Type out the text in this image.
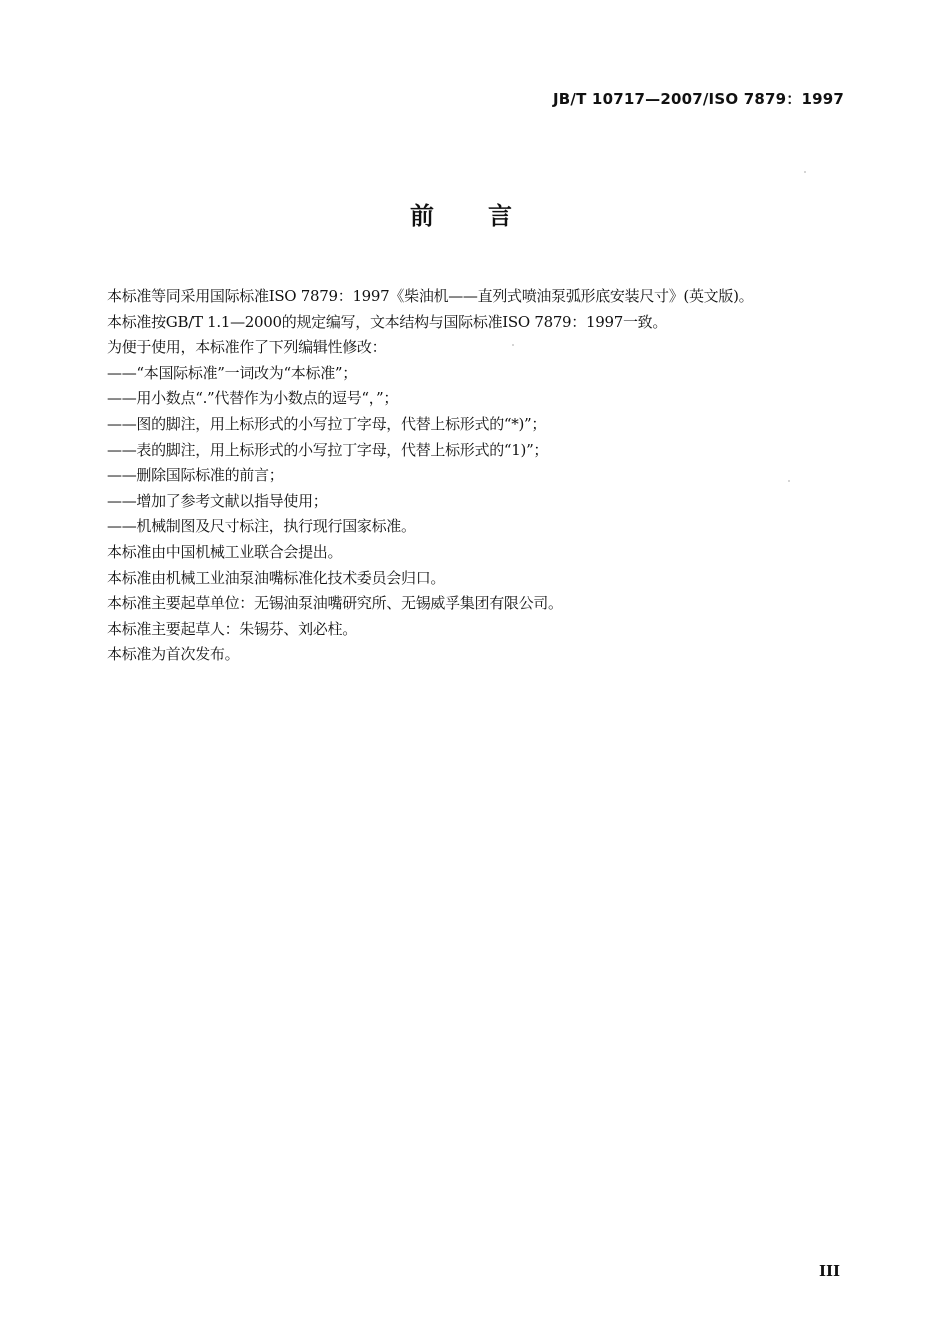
JB/T 10717—2007/ISO 7879：1997
前言

本标准等同采用国际标准ISO 7879：1997《柴油机——直列式喷油泵弧形底安装尺寸》(英文版)。

本标准按GB/T 1.1—2000的规定编写，文本结构与国际标准ISO 7879：1997一致。

为便于使用，本标准作了下列编辑性修改：

——“本国际标准”一词改为“本标准”；

——用小数点“.”代替作为小数点的逗号“，”；

——图的脚注，用上标形式的小写拉丁字母，代替上标形式的“*)”；

——表的脚注，用上标形式的小写拉丁字母，代替上标形式的“1)”；

——删除国际标准的前言；

——增加了参考文献以指导使用；

——机械制图及尺寸标注，执行现行国家标准。

本标准由中国机械工业联合会提出。

本标准由机械工业油泵油嘴标准化技术委员会归口。

本标准主要起草单位：无锡油泵油嘴研究所、无锡威孚集团有限公司。

本标准主要起草人：朱锡芬、刘必柱。

本标准为首次发布。

III
